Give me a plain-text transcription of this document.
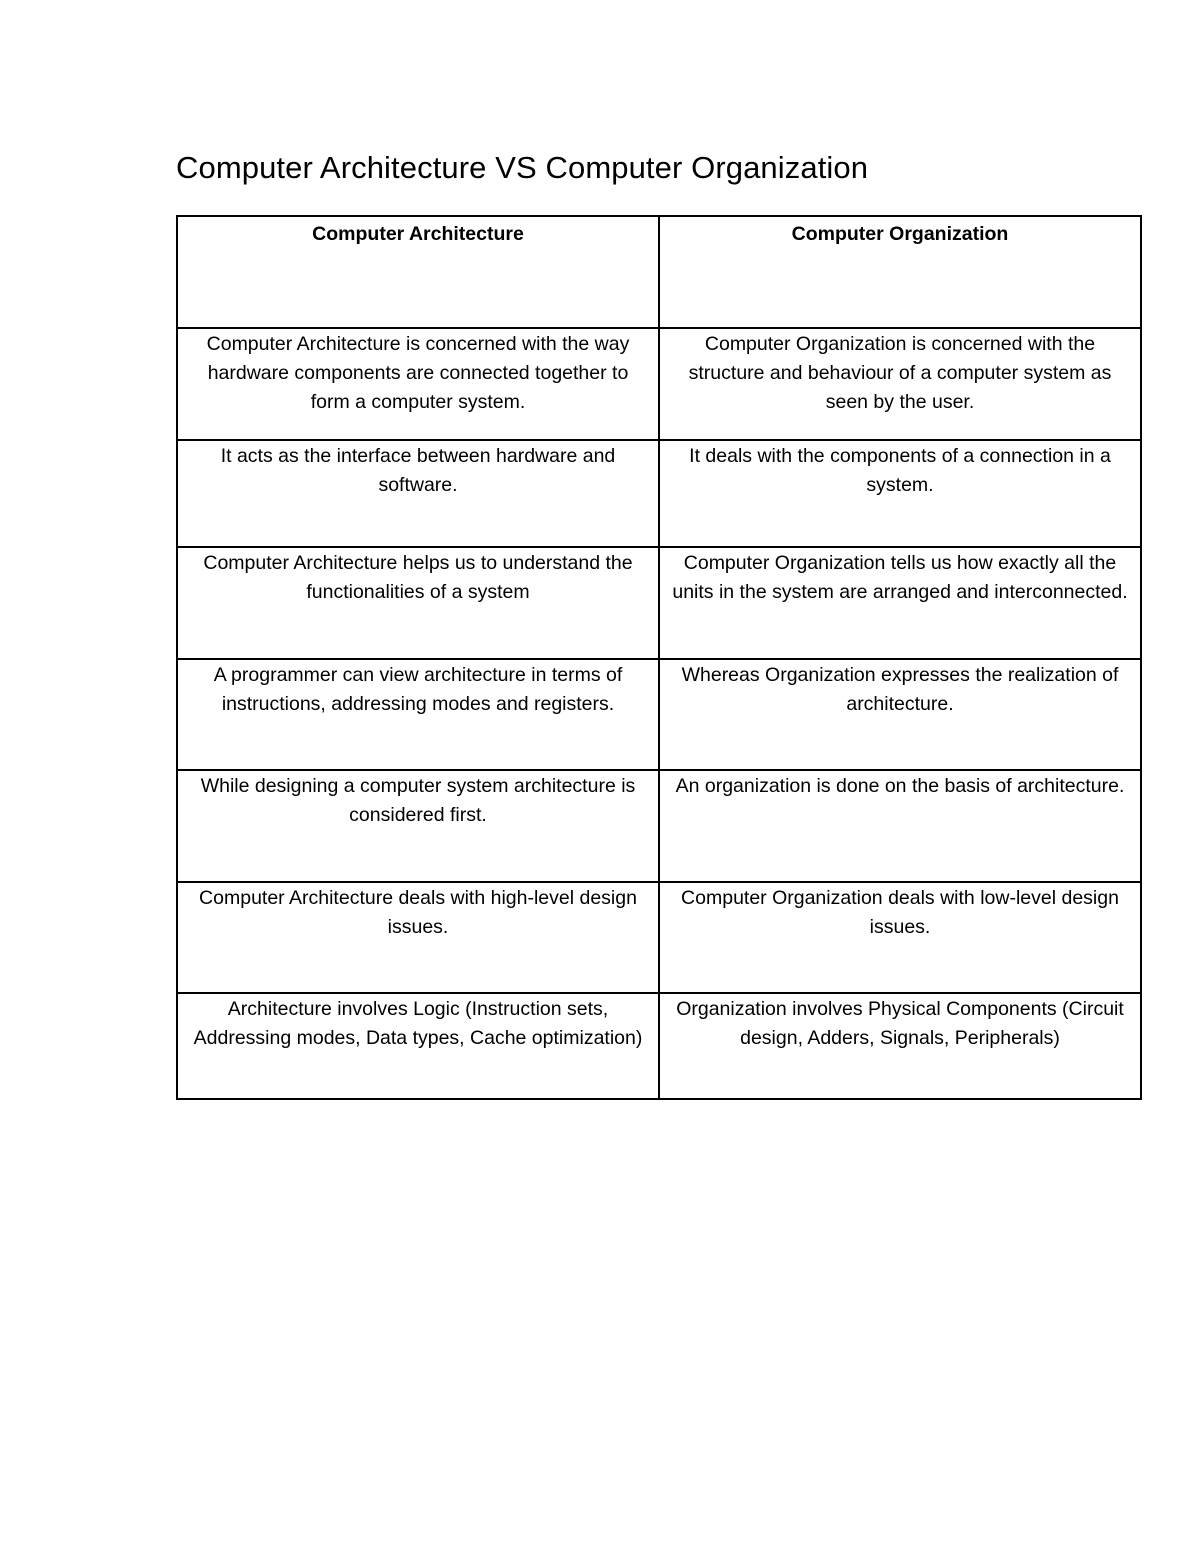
Computer Architecture VS Computer Organization
Computer Architecture	Computer Organization
Computer Architecture is concerned with the way hardware components are connected together to form a computer system.	Computer Organization is concerned with the structure and behaviour of a computer system as seen by the user.
It acts as the interface between hardware and software.	It deals with the components of a connection in a system.
Computer Architecture helps us to understand the functionalities of a system	Computer Organization tells us how exactly all the units in the system are arranged and interconnected.
A programmer can view architecture in terms of instructions, addressing modes and registers.	Whereas Organization expresses the realization of architecture.
While designing a computer system architecture is considered first.	An organization is done on the basis of architecture.
Computer Architecture deals with high-level design issues.	Computer Organization deals with low-level design issues.
Architecture involves Logic (Instruction sets, Addressing modes, Data types, Cache optimization)	Organization involves Physical Components (Circuit design, Adders, Signals, Peripherals)
